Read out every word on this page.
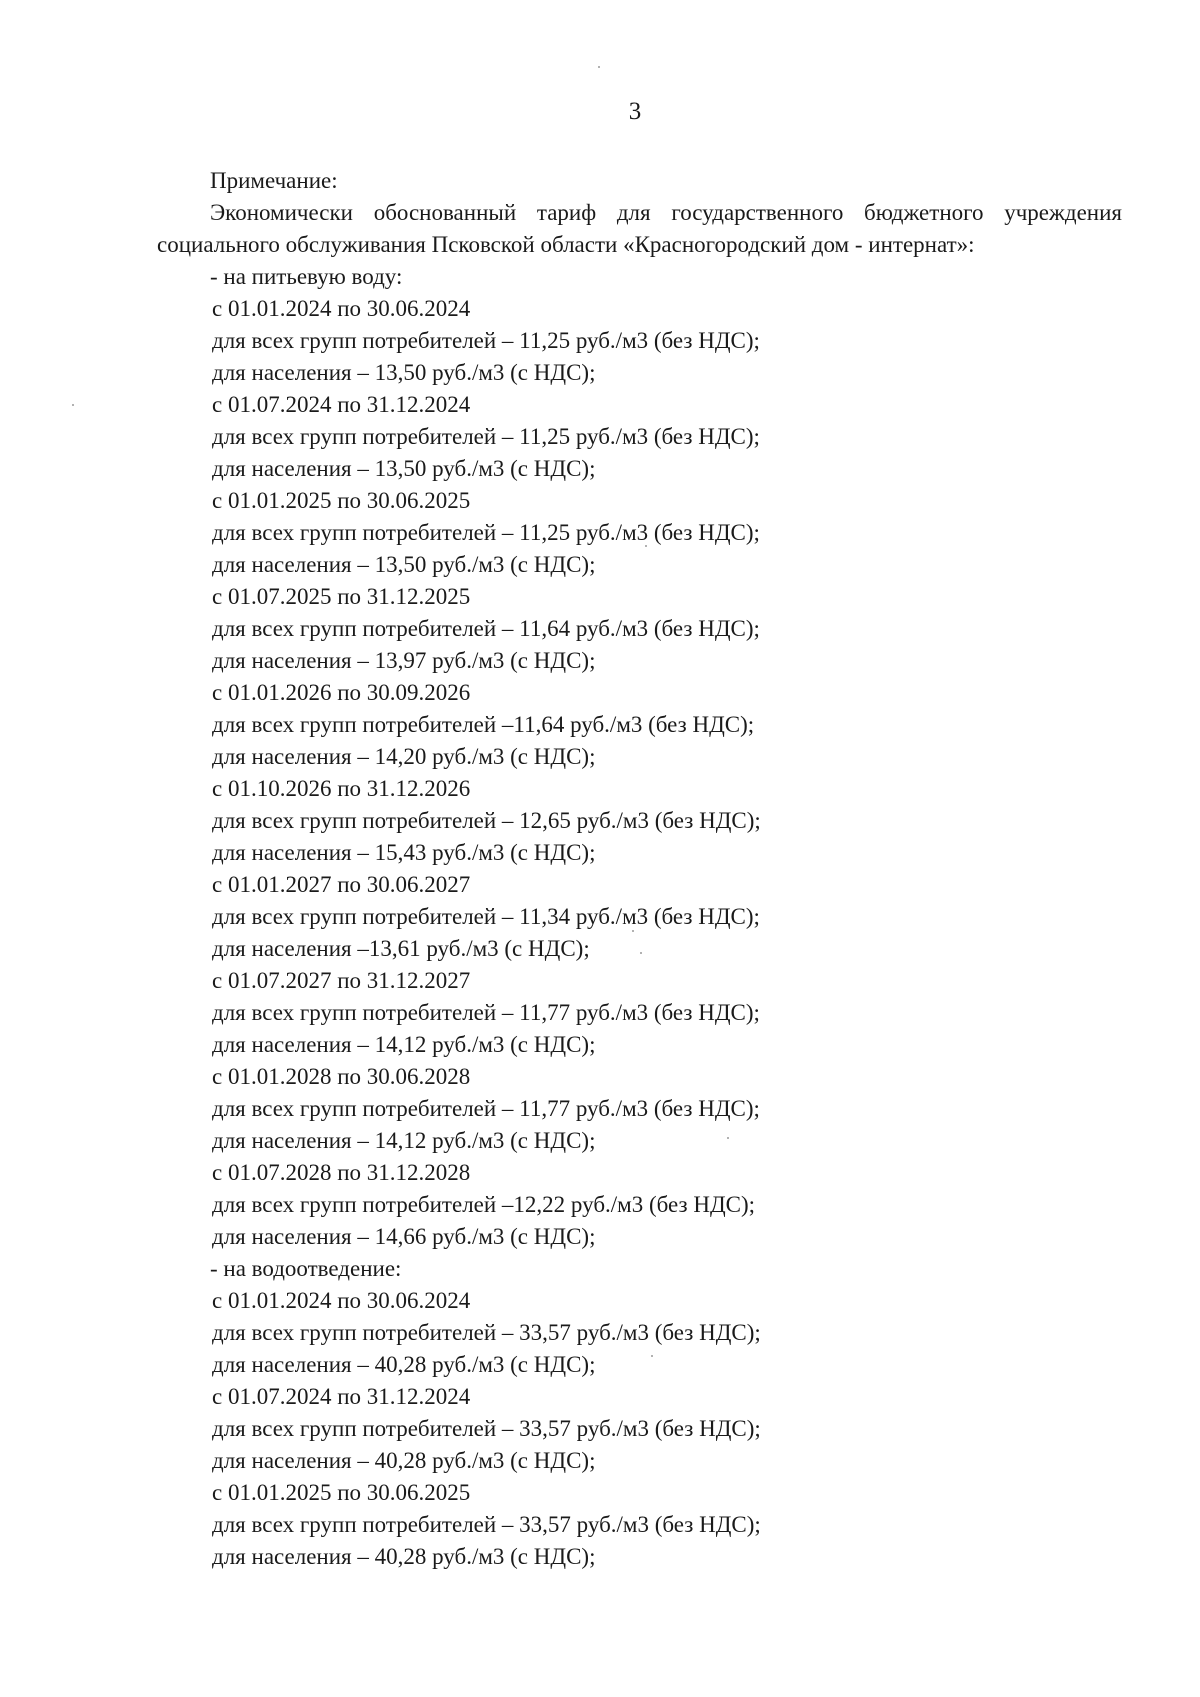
3
Примечание:
Экономически обоснованный тариф для государственного бюджетного учреждения социального обслуживания Псковской области «Красногородский дом - интернат»:
- на питьевую воду:
с 01.01.2024 по 30.06.2024
для всех групп потребителей – 11,25 руб./м3 (без НДС);
для населения – 13,50 руб./м3 (с НДС);
с 01.07.2024 по 31.12.2024
для всех групп потребителей – 11,25 руб./м3 (без НДС);
для населения – 13,50 руб./м3 (с НДС);
с 01.01.2025 по 30.06.2025
для всех групп потребителей – 11,25 руб./м3 (без НДС);
для населения – 13,50 руб./м3 (с НДС);
с 01.07.2025 по 31.12.2025
для всех групп потребителей – 11,64 руб./м3 (без НДС);
для населения – 13,97 руб./м3 (с НДС);
с 01.01.2026 по 30.09.2026
для всех групп потребителей –11,64 руб./м3 (без НДС);
для населения – 14,20 руб./м3 (с НДС);
с 01.10.2026 по 31.12.2026
для всех групп потребителей – 12,65 руб./м3 (без НДС);
для населения – 15,43 руб./м3 (с НДС);
с 01.01.2027 по 30.06.2027
для всех групп потребителей – 11,34 руб./м3 (без НДС);
для населения –13,61 руб./м3 (с НДС);
с 01.07.2027 по 31.12.2027
для всех групп потребителей – 11,77 руб./м3 (без НДС);
для населения – 14,12 руб./м3 (с НДС);
с 01.01.2028 по 30.06.2028
для всех групп потребителей – 11,77 руб./м3 (без НДС);
для населения – 14,12 руб./м3 (с НДС);
с 01.07.2028 по 31.12.2028
для всех групп потребителей –12,22 руб./м3 (без НДС);
для населения – 14,66 руб./м3 (с НДС);
- на водоотведение:
с 01.01.2024 по 30.06.2024
для всех групп потребителей – 33,57 руб./м3 (без НДС);
для населения – 40,28 руб./м3 (с НДС);
с 01.07.2024 по 31.12.2024
для всех групп потребителей – 33,57 руб./м3 (без НДС);
для населения – 40,28 руб./м3 (с НДС);
с 01.01.2025 по 30.06.2025
для всех групп потребителей – 33,57 руб./м3 (без НДС);
для населения – 40,28 руб./м3 (с НДС);
